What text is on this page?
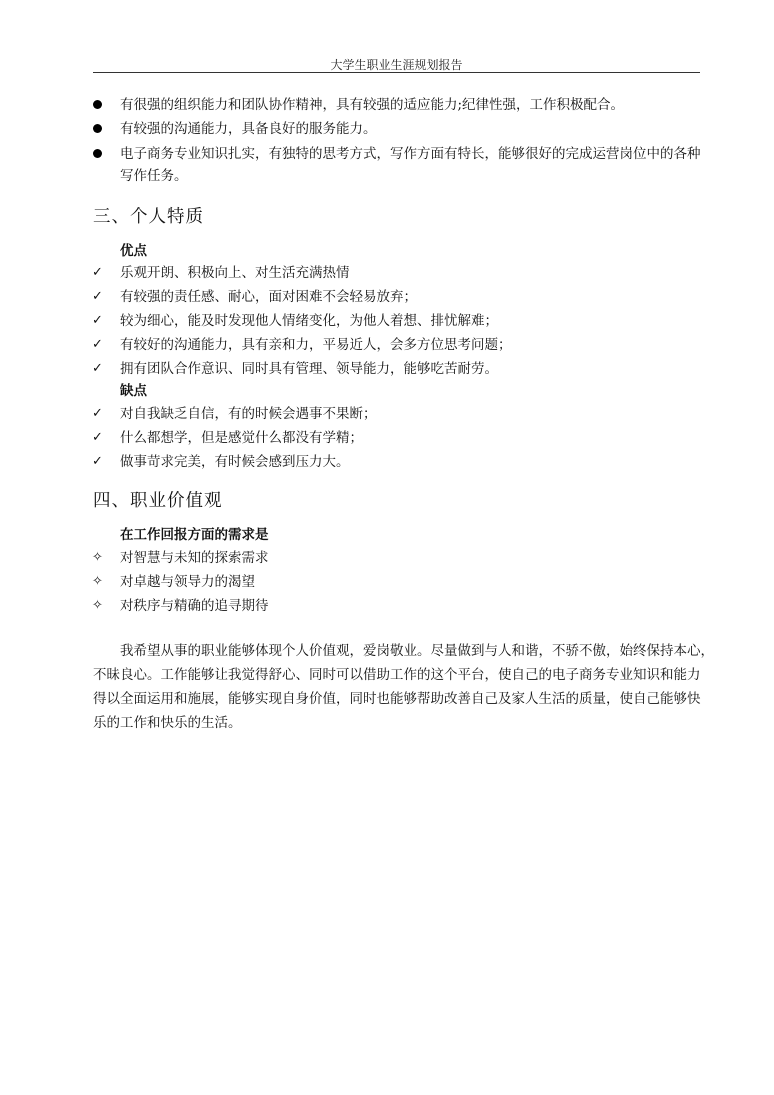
大学生职业生涯规划报告
有很强的组织能力和团队协作精神，具有较强的适应能力;纪律性强，工作积极配合。
有较强的沟通能力，具备良好的服务能力。
电子商务专业知识扎实，有独特的思考方式，写作方面有特长，能够很好的完成运营岗位中的各种
写作任务。
三、个人特质
优点
✓ 乐观开朗、积极向上、对生活充满热情
✓ 有较强的责任感、耐心，面对困难不会轻易放弃；
✓ 较为细心，能及时发现他人情绪变化，为他人着想、排忧解难；
✓ 有较好的沟通能力，具有亲和力，平易近人，会多方位思考问题；
✓ 拥有团队合作意识、同时具有管理、领导能力，能够吃苦耐劳。
缺点
✓ 对自我缺乏自信，有的时候会遇事不果断；
✓ 什么都想学，但是感觉什么都没有学精；
✓ 做事苛求完美，有时候会感到压力大。
四、职业价值观
在工作回报方面的需求是
✧ 对智慧与未知的探索需求
✧ 对卓越与领导力的渴望
✧ 对秩序与精确的追寻期待
我希望从事的职业能够体现个人价值观，爱岗敬业。尽量做到与人和谐，不骄不傲，始终保持本心，
不昧良心。工作能够让我觉得舒心、同时可以借助工作的这个平台，使自己的电子商务专业知识和能力
得以全面运用和施展，能够实现自身价值，同时也能够帮助改善自己及家人生活的质量，使自己能够快
乐的工作和快乐的生活。
